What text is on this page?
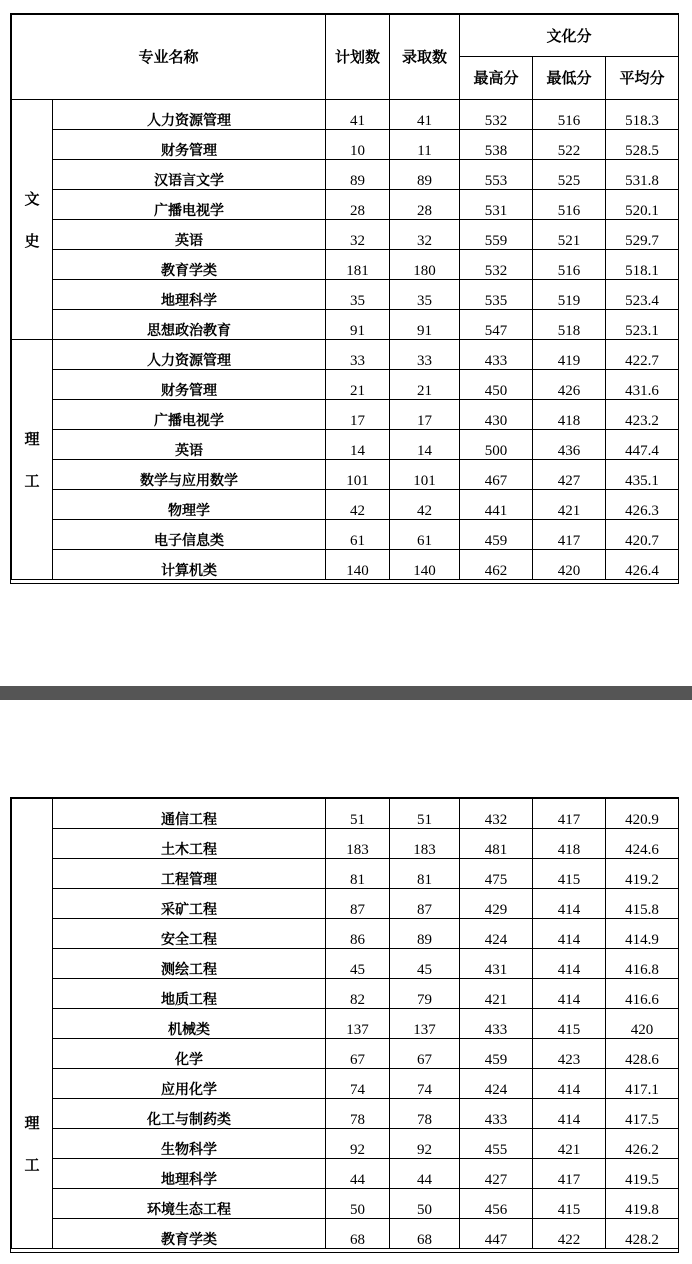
专业名称		计划数	录取数	文化分		
				最高分	最低分	平均分

文
史	人力资源管理	41	41	532	516	518.3
	财务管理	10	11	538	522	528.5
	汉语言文学	89	89	553	525	531.8
	广播电视学	28	28	531	516	520.1
	英语	32	32	559	521	529.7
	教育学类	181	180	532	516	518.1
	地理科学	35	35	535	519	523.4
	思想政治教育	91	91	547	518	523.1

理
工	人力资源管理	33	33	433	419	422.7
	财务管理	21	21	450	426	431.6
	广播电视学	17	17	430	418	423.2
	英语	14	14	500	436	447.4
	数学与应用数学	101	101	467	427	435.1
	物理学	42	42	441	421	426.3
	电子信息类	61	61	459	417	420.7
	计算机类	140	140	462	420	426.4
理
工	通信工程	51	51	432	417	420.9
	土木工程	183	183	481	418	424.6
	工程管理	81	81	475	415	419.2
	采矿工程	87	87	429	414	415.8
	安全工程	86	89	424	414	414.9
	测绘工程	45	45	431	414	416.8
	地质工程	82	79	421	414	416.6
	机械类	137	137	433	415	420
	化学	67	67	459	423	428.6
	应用化学	74	74	424	414	417.1
	化工与制药类	78	78	433	414	417.5
	生物科学	92	92	455	421	426.2
	地理科学	44	44	427	417	419.5
	环境生态工程	50	50	456	415	419.8
	教育学类	68	68	447	422	428.2
